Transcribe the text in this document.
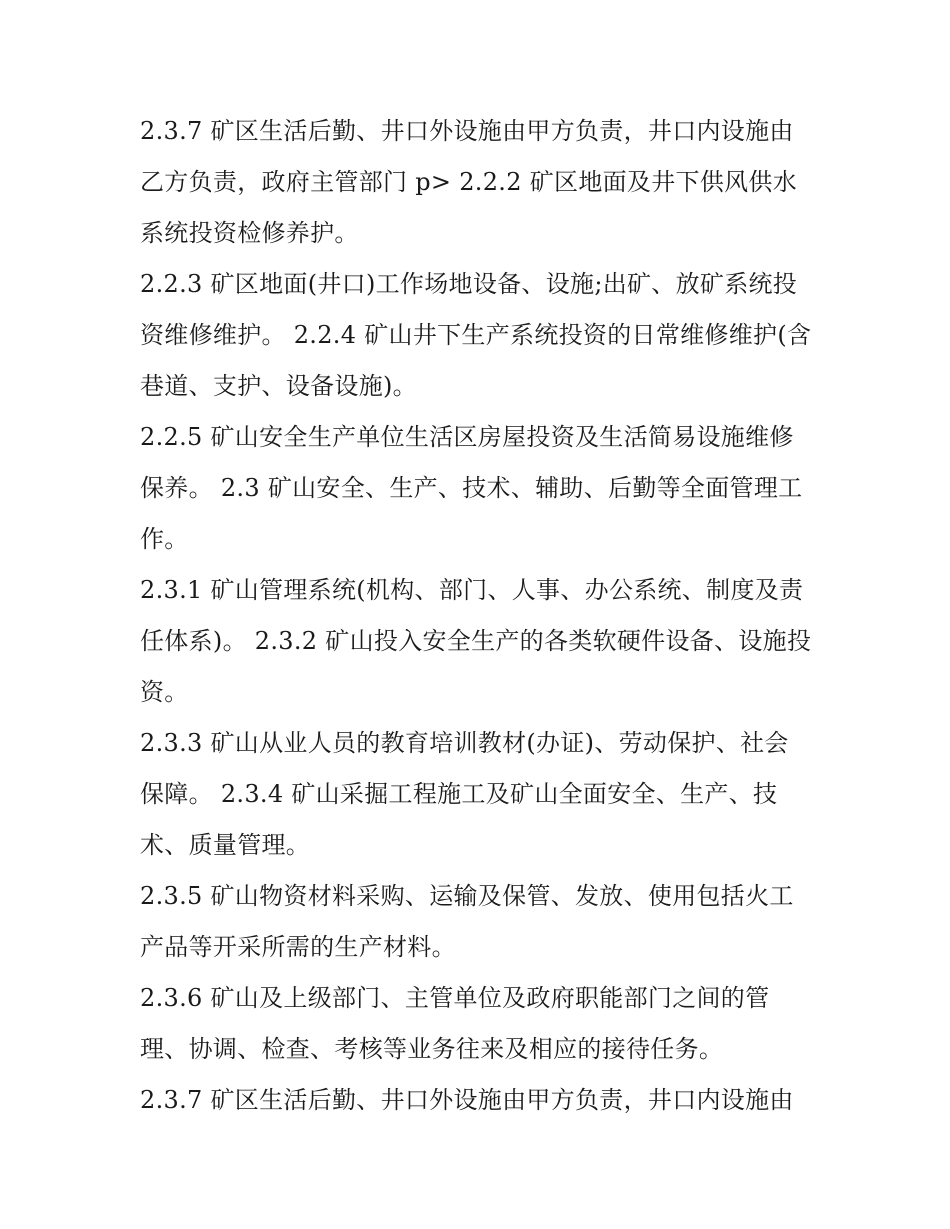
2.3.7 矿区生活后勤、井口外设施由甲方负责，井口内设施由乙方负责，政府主管部门 p> 2.2.2 矿区地面及井下供风供水系统投资检修养护。

2.2.3 矿区地面(井口)工作场地设备、设施;出矿、放矿系统投资维修维护。 2.2.4 矿山井下生产系统投资的日常维修维护(含巷道、支护、设备设施)。

2.2.5 矿山安全生产单位生活区房屋投资及生活简易设施维修保养。 2.3 矿山安全、生产、技术、辅助、后勤等全面管理工作。

2.3.1 矿山管理系统(机构、部门、人事、办公系统、制度及责任体系)。 2.3.2 矿山投入安全生产的各类软硬件设备、设施投资。

2.3.3 矿山从业人员的教育培训教材(办证)、劳动保护、社会保障。 2.3.4 矿山采掘工程施工及矿山全面安全、生产、技术、质量管理。

2.3.5 矿山物资材料采购、运输及保管、发放、使用包括火工产品等开采所需的生产材料。

2.3.6 矿山及上级部门、主管单位及政府职能部门之间的管理、协调、检查、考核等业务往来及相应的接待任务。

2.3.7 矿区生活后勤、井口外设施由甲方负责，井口内设施由
